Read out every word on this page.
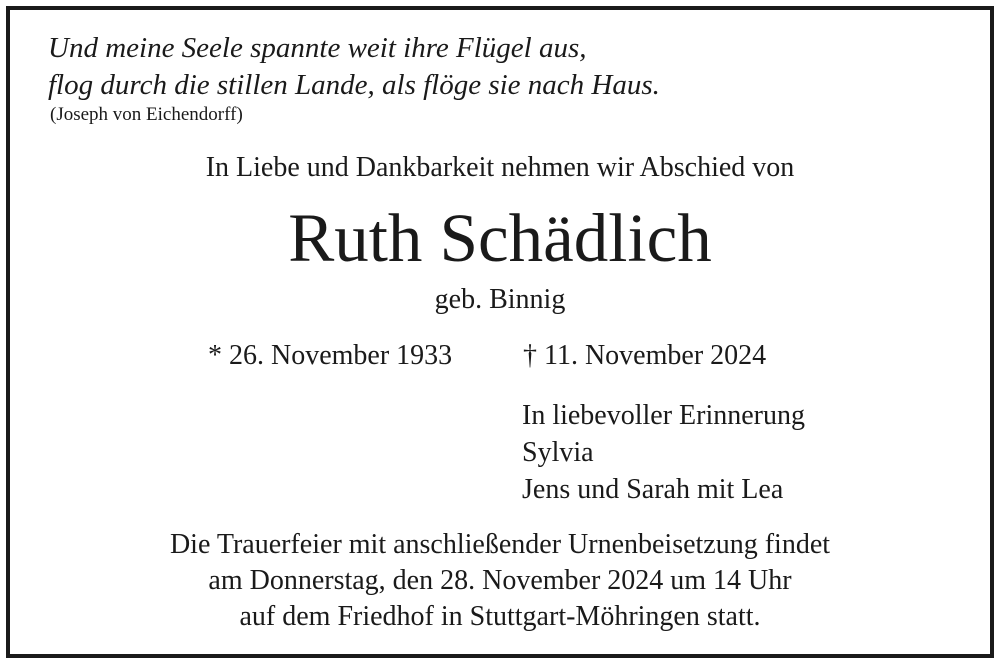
Und meine Seele spannte weit ihre Flügel aus,
flog durch die stillen Lande, als flöge sie nach Haus.
(Joseph von Eichendorff)
In Liebe und Dankbarkeit nehmen wir Abschied von
Ruth Schädlich
geb. Binnig
* 26. November 1933	† 11. November 2024
In liebevoller Erinnerung
Sylvia
Jens und Sarah mit Lea
Die Trauerfeier mit anschließender Urnenbeisetzung findet
am Donnerstag, den 28. November 2024 um 14 Uhr
auf dem Friedhof in Stuttgart-Möhringen statt.
